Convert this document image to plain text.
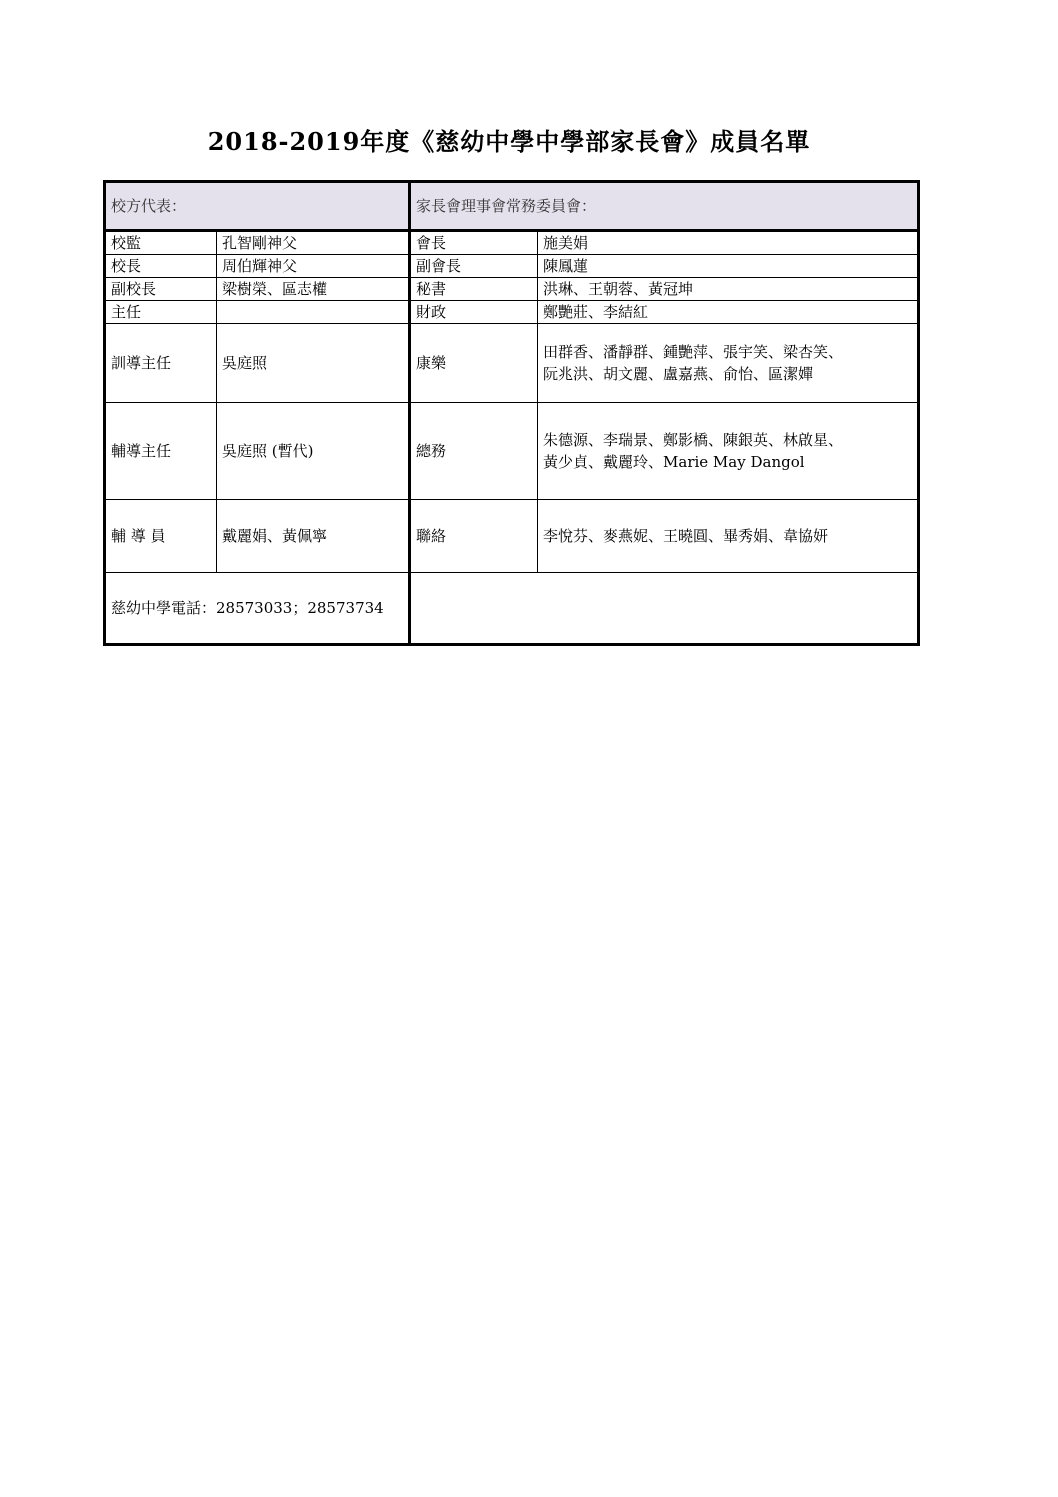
2018-2019年度《慈幼中學中學部家長會》成員名單
校方代表：		家長會理事會常務委員會：	
校監	孔智剛神父	會長	施美娟
校長	周伯輝神父	副會長	陳鳳蓮
副校長	梁樹榮、區志權	秘書	洪琳、王朝蓉、黃冠坤
主任		財政	鄭艷莊、李結紅
訓導主任	吳庭照	康樂	田群香、潘靜群、鍾艷萍、張宇笑、梁杏笑、
阮兆洪、胡文麗、盧嘉燕、俞怡、區潔嬋

輔導主任	吳庭照 (暫代)	總務	朱德源、李瑞景、鄭影橋、陳銀英、林啟星、
黃少貞、戴麗玲、Marie May Dangol

輔 導 員	戴麗娟、黃佩寧	聯絡	李悅芬、麥燕妮、王曉圓、畢秀娟、韋協妍
慈幼中學電話：28573033；28573734			
